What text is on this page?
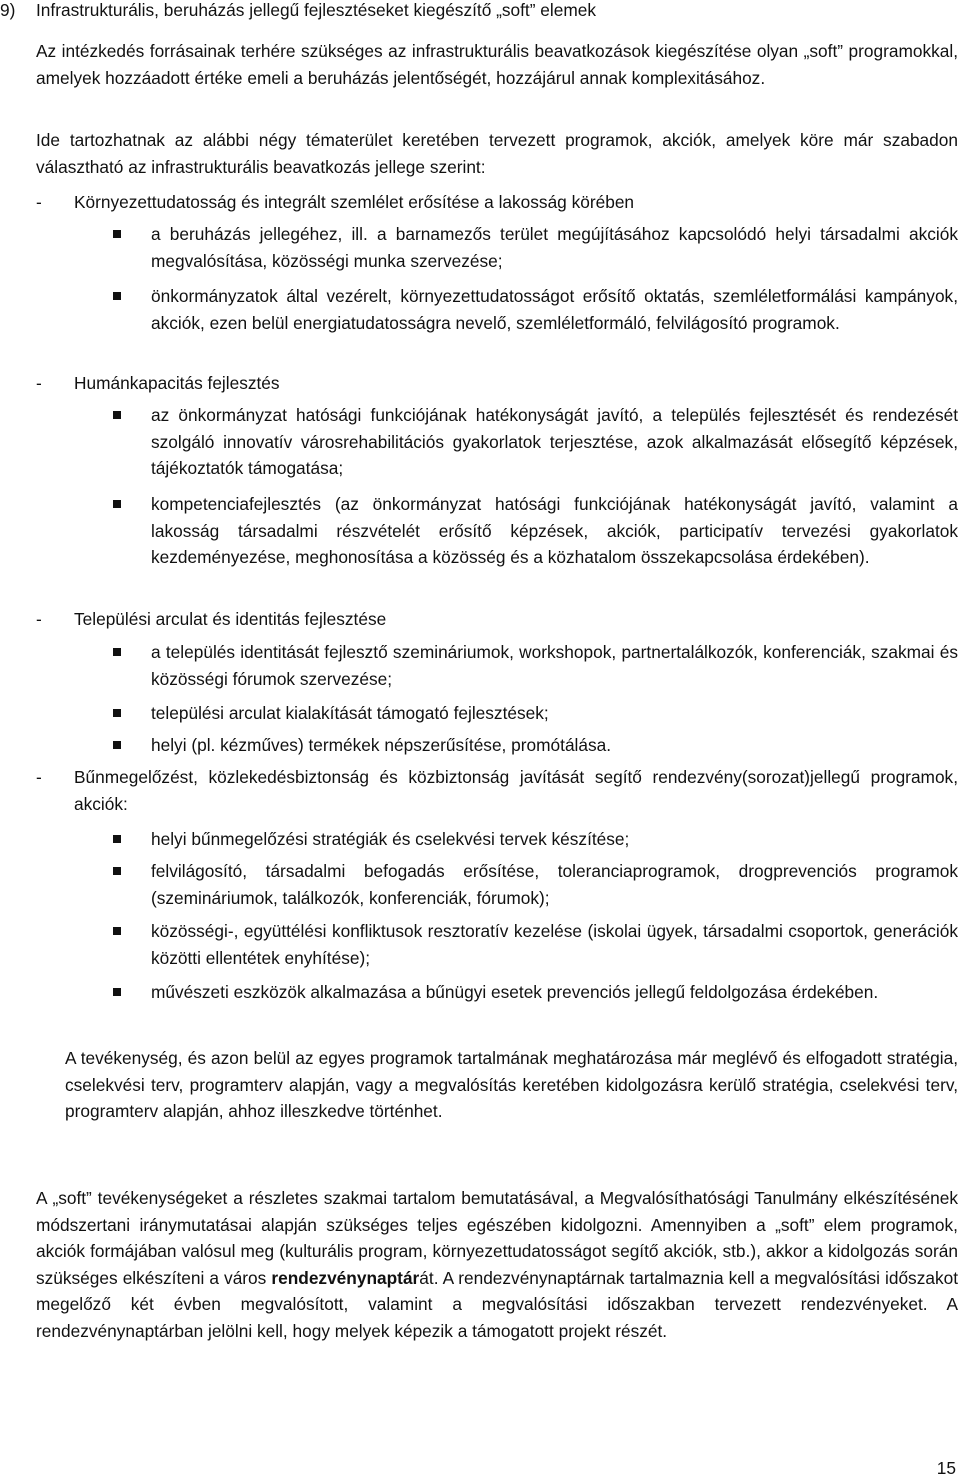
9) Infrastrukturális, beruházás jellegű fejlesztéseket kiegészítő „soft” elemek

Az intézkedés forrásainak terhére szükséges az infrastrukturális beavatkozások kiegészítése olyan „soft” programokkal, amelyek hozzáadott értéke emeli a beruházás jelentőségét, hozzájárul annak komplexitásához.

Ide tartozhatnak az alábbi négy tématerület keretében tervezett programok, akciók, amelyek köre már szabadon választható az infrastrukturális beavatkozás jellege szerint:

- Környezettudatosság és integrált szemlélet erősítése a lakosság körében
a beruházás jellegéhez, ill. a barnamezős terület megújításához kapcsolódó helyi társadalmi akciók megvalósítása, közösségi munka szervezése;
önkormányzatok által vezérelt, környezettudatosságot erősítő oktatás, szemléletformálási kampányok, akciók, ezen belül energiatudatosságra nevelő, szemléletformáló, felvilágosító programok.
- Humánkapacitás fejlesztés
az önkormányzat hatósági funkciójának hatékonyságát javító, a település fejlesztését és rendezését szolgáló innovatív városrehabilitációs gyakorlatok terjesztése, azok alkalmazását elősegítő képzések, tájékoztatók támogatása;
kompetenciafejlesztés (az önkormányzat hatósági funkciójának hatékonyságát javító, valamint a lakosság társadalmi részvételét erősítő képzések, akciók, participatív tervezési gyakorlatok kezdeményezése, meghonosítása a közösség és a közhatalom összekapcsolása érdekében).
- Települési arculat és identitás fejlesztése
a település identitását fejlesztő szemináriumok, workshopok, partnertalálkozók, konferenciák, szakmai és közösségi fórumok szervezése;
települési arculat kialakítását támogató fejlesztések;
helyi (pl. kézműves) termékek népszerűsítése, promótálása.
- Bűnmegelőzést, közlekedésbiztonság és közbiztonság javítását segítő rendezvény(sorozat)jellegű programok, akciók:
helyi bűnmegelőzési stratégiák és cselekvési tervek készítése;
felvilágosító, társadalmi befogadás erősítése, toleranciaprogramok, drogprevenciós programok (szemináriumok, találkozók, konferenciák, fórumok);
közösségi-, együttélési konfliktusok resztoratív kezelése (iskolai ügyek, társadalmi csoportok, generációk közötti ellentétek enyhítése);
művészeti eszközök alkalmazása a bűnügyi esetek prevenciós jellegű feldolgozása érdekében.

A tevékenység, és azon belül az egyes programok tartalmának meghatározása már meglévő és elfogadott stratégia, cselekvési terv, programterv alapján, vagy a megvalósítás keretében kidolgozásra kerülő stratégia, cselekvési terv, programterv alapján, ahhoz illeszkedve történhet.

A „soft” tevékenységeket a részletes szakmai tartalom bemutatásával, a Megvalósíthatósági Tanulmány elkészítésének módszertani iránymutatásai alapján szükséges teljes egészében kidolgozni. Amennyiben a „soft” elem programok, akciók formájában valósul meg (kulturális program, környezettudatosságot segítő akciók, stb.), akkor a kidolgozás során szükséges elkészíteni a város rendezvénynaptárát. A rendezvénynaptárnak tartalmaznia kell a megvalósítási időszakot megelőző két évben megvalósított, valamint a megvalósítási időszakban tervezett rendezvényeket. A rendezvénynaptárban jelölni kell, hogy melyek képezik a támogatott projekt részét.

15
